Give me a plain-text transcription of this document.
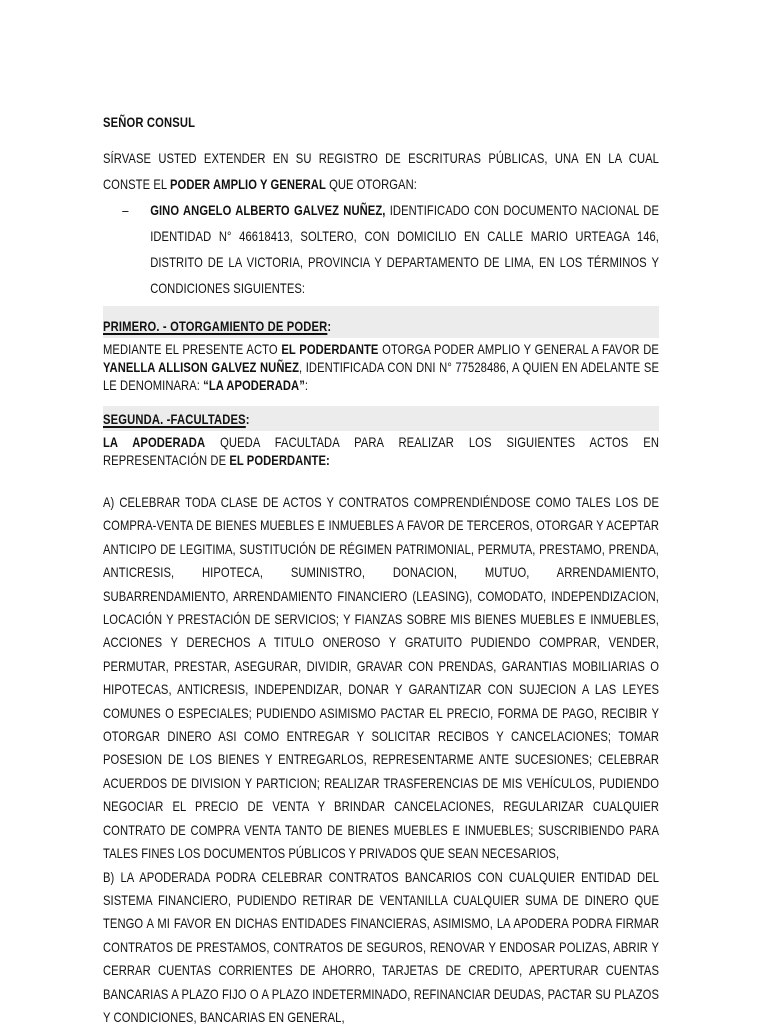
SEÑOR CONSUL

SÍRVASE USTED EXTENDER EN SU REGISTRO DE ESCRITURAS PÚBLICAS, UNA EN LA CUAL CONSTE EL PODER AMPLIO Y GENERAL QUE OTORGAN:

–	GINO ANGELO ALBERTO GALVEZ NUÑEZ, IDENTIFICADO CON DOCUMENTO NACIONAL DE IDENTIDAD N° 46618413, SOLTERO, CON DOMICILIO EN CALLE MARIO URTEAGA 146, DISTRITO DE LA VICTORIA, PROVINCIA Y DEPARTAMENTO DE LIMA, EN LOS TÉRMINOS Y CONDICIONES SIGUIENTES:

PRIMERO. - OTORGAMIENTO DE PODER:

MEDIANTE EL PRESENTE ACTO EL PODERDANTE OTORGA PODER AMPLIO Y GENERAL A FAVOR DE YANELLA ALLISON GALVEZ NUÑEZ, IDENTIFICADA CON DNI N° 77528486, A QUIEN EN ADELANTE SE LE DENOMINARA: “LA APODERADA”:

SEGUNDA. -FACULTADES:

LA APODERADA QUEDA FACULTADA PARA REALIZAR LOS SIGUIENTES ACTOS EN REPRESENTACIÓN DE EL PODERDANTE:

A) CELEBRAR TODA CLASE DE ACTOS Y CONTRATOS COMPRENDIÉNDOSE COMO TALES LOS DE COMPRA-VENTA DE BIENES MUEBLES E INMUEBLES A FAVOR DE TERCEROS, OTORGAR Y ACEPTAR ANTICIPO DE LEGITIMA, SUSTITUCIÓN DE RÉGIMEN PATRIMONIAL, PERMUTA, PRESTAMO, PRENDA, ANTICRESIS, HIPOTECA, SUMINISTRO, DONACION, MUTUO, ARRENDAMIENTO, SUBARRENDAMIENTO, ARRENDAMIENTO FINANCIERO (LEASING), COMODATO, INDEPENDIZACION, LOCACIÓN Y PRESTACIÓN DE SERVICIOS; Y FIANZAS SOBRE MIS BIENES MUEBLES E INMUEBLES, ACCIONES Y DERECHOS A TITULO ONEROSO Y GRATUITO PUDIENDO COMPRAR, VENDER, PERMUTAR, PRESTAR, ASEGURAR, DIVIDIR, GRAVAR CON PRENDAS, GARANTIAS MOBILIARIAS O HIPOTECAS, ANTICRESIS, INDEPENDIZAR, DONAR Y GARANTIZAR CON SUJECION A LAS LEYES COMUNES O ESPECIALES; PUDIENDO ASIMISMO PACTAR EL PRECIO, FORMA DE PAGO, RECIBIR Y OTORGAR DINERO ASI COMO ENTREGAR Y SOLICITAR RECIBOS Y CANCELACIONES; TOMAR POSESION DE LOS BIENES Y ENTREGARLOS, REPRESENTARME ANTE SUCESIONES; CELEBRAR ACUERDOS DE DIVISION Y PARTICION; REALIZAR TRASFERENCIAS DE MIS VEHÍCULOS, PUDIENDO NEGOCIAR EL PRECIO DE VENTA Y BRINDAR CANCELACIONES, REGULARIZAR CUALQUIER CONTRATO DE COMPRA VENTA TANTO DE BIENES MUEBLES E INMUEBLES; SUSCRIBIENDO PARA TALES FINES LOS DOCUMENTOS PÚBLICOS Y PRIVADOS QUE SEAN NECESARIOS,

B) LA APODERADA PODRA CELEBRAR CONTRATOS BANCARIOS CON CUALQUIER ENTIDAD DEL SISTEMA FINANCIERO, PUDIENDO RETIRAR DE VENTANILLA CUALQUIER SUMA DE DINERO QUE TENGO A MI FAVOR EN DICHAS ENTIDADES FINANCIERAS, ASIMISMO, LA APODERA PODRA FIRMAR CONTRATOS DE PRESTAMOS, CONTRATOS DE SEGUROS, RENOVAR Y ENDOSAR POLIZAS, ABRIR Y CERRAR CUENTAS CORRIENTES DE AHORRO, TARJETAS DE CREDITO, APERTURAR CUENTAS BANCARIAS A PLAZO FIJO O A PLAZO INDETERMINADO, REFINANCIAR DEUDAS, PACTAR SU PLAZOS Y CONDICIONES, BANCARIAS EN GENERAL,
